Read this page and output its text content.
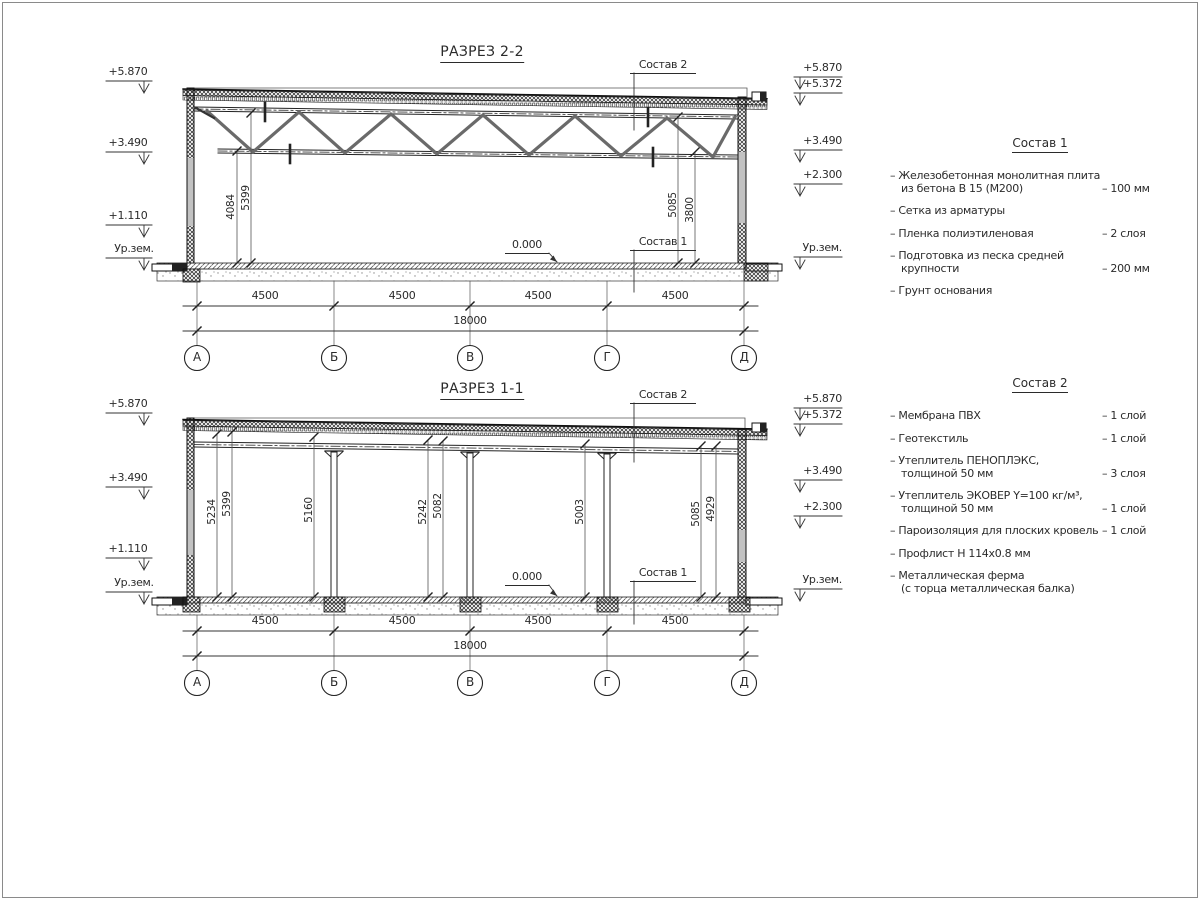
РАЗРЕЗ 2-2
+5.870
+3.490
+1.110
Ур.зем.
+5.870
+5.372
+3.490
+2.300
Ур.зем.
4084 5399	5085 3800
Состав 2
Состав 1
0.000
4500	4500	4500	4500
18000
А	Б	В	Г	Д
РАЗРЕЗ 1-1
+5.870
+3.490
+1.110
Ур.зем.
+5.870
+5.372
+3.490
+2.300
Ур.зем.
5234 5399	5160	5242 5082	5003	5085 4929
Состав 2
Состав 1
0.000
4500	4500	4500	4500
18000
А	Б	В	Г	Д
Состав 1
– Железобетонная монолитная плита
из бетона В 15 (М200)	– 100 мм
– Сетка из арматуры
– Пленка полиэтиленовая	– 2 слоя
– Подготовка из песка средней
крупности	– 200 мм
– Грунт основания
Состав 2
– Мембрана ПВХ	– 1 слой
– Геотекстиль	– 1 слой
– Утеплитель ПЕНОПЛЭКС,
толщиной 50 мм	– 3 слоя
– Утеплитель ЭКОВЕР Y=100 кг/м³,
толщиной 50 мм	– 1 слой
– Пароизоляция для плоских кровель – 1 слой
– Профлист Н 114х0.8 мм
– Металлическая ферма
(с торца металлическая балка)
